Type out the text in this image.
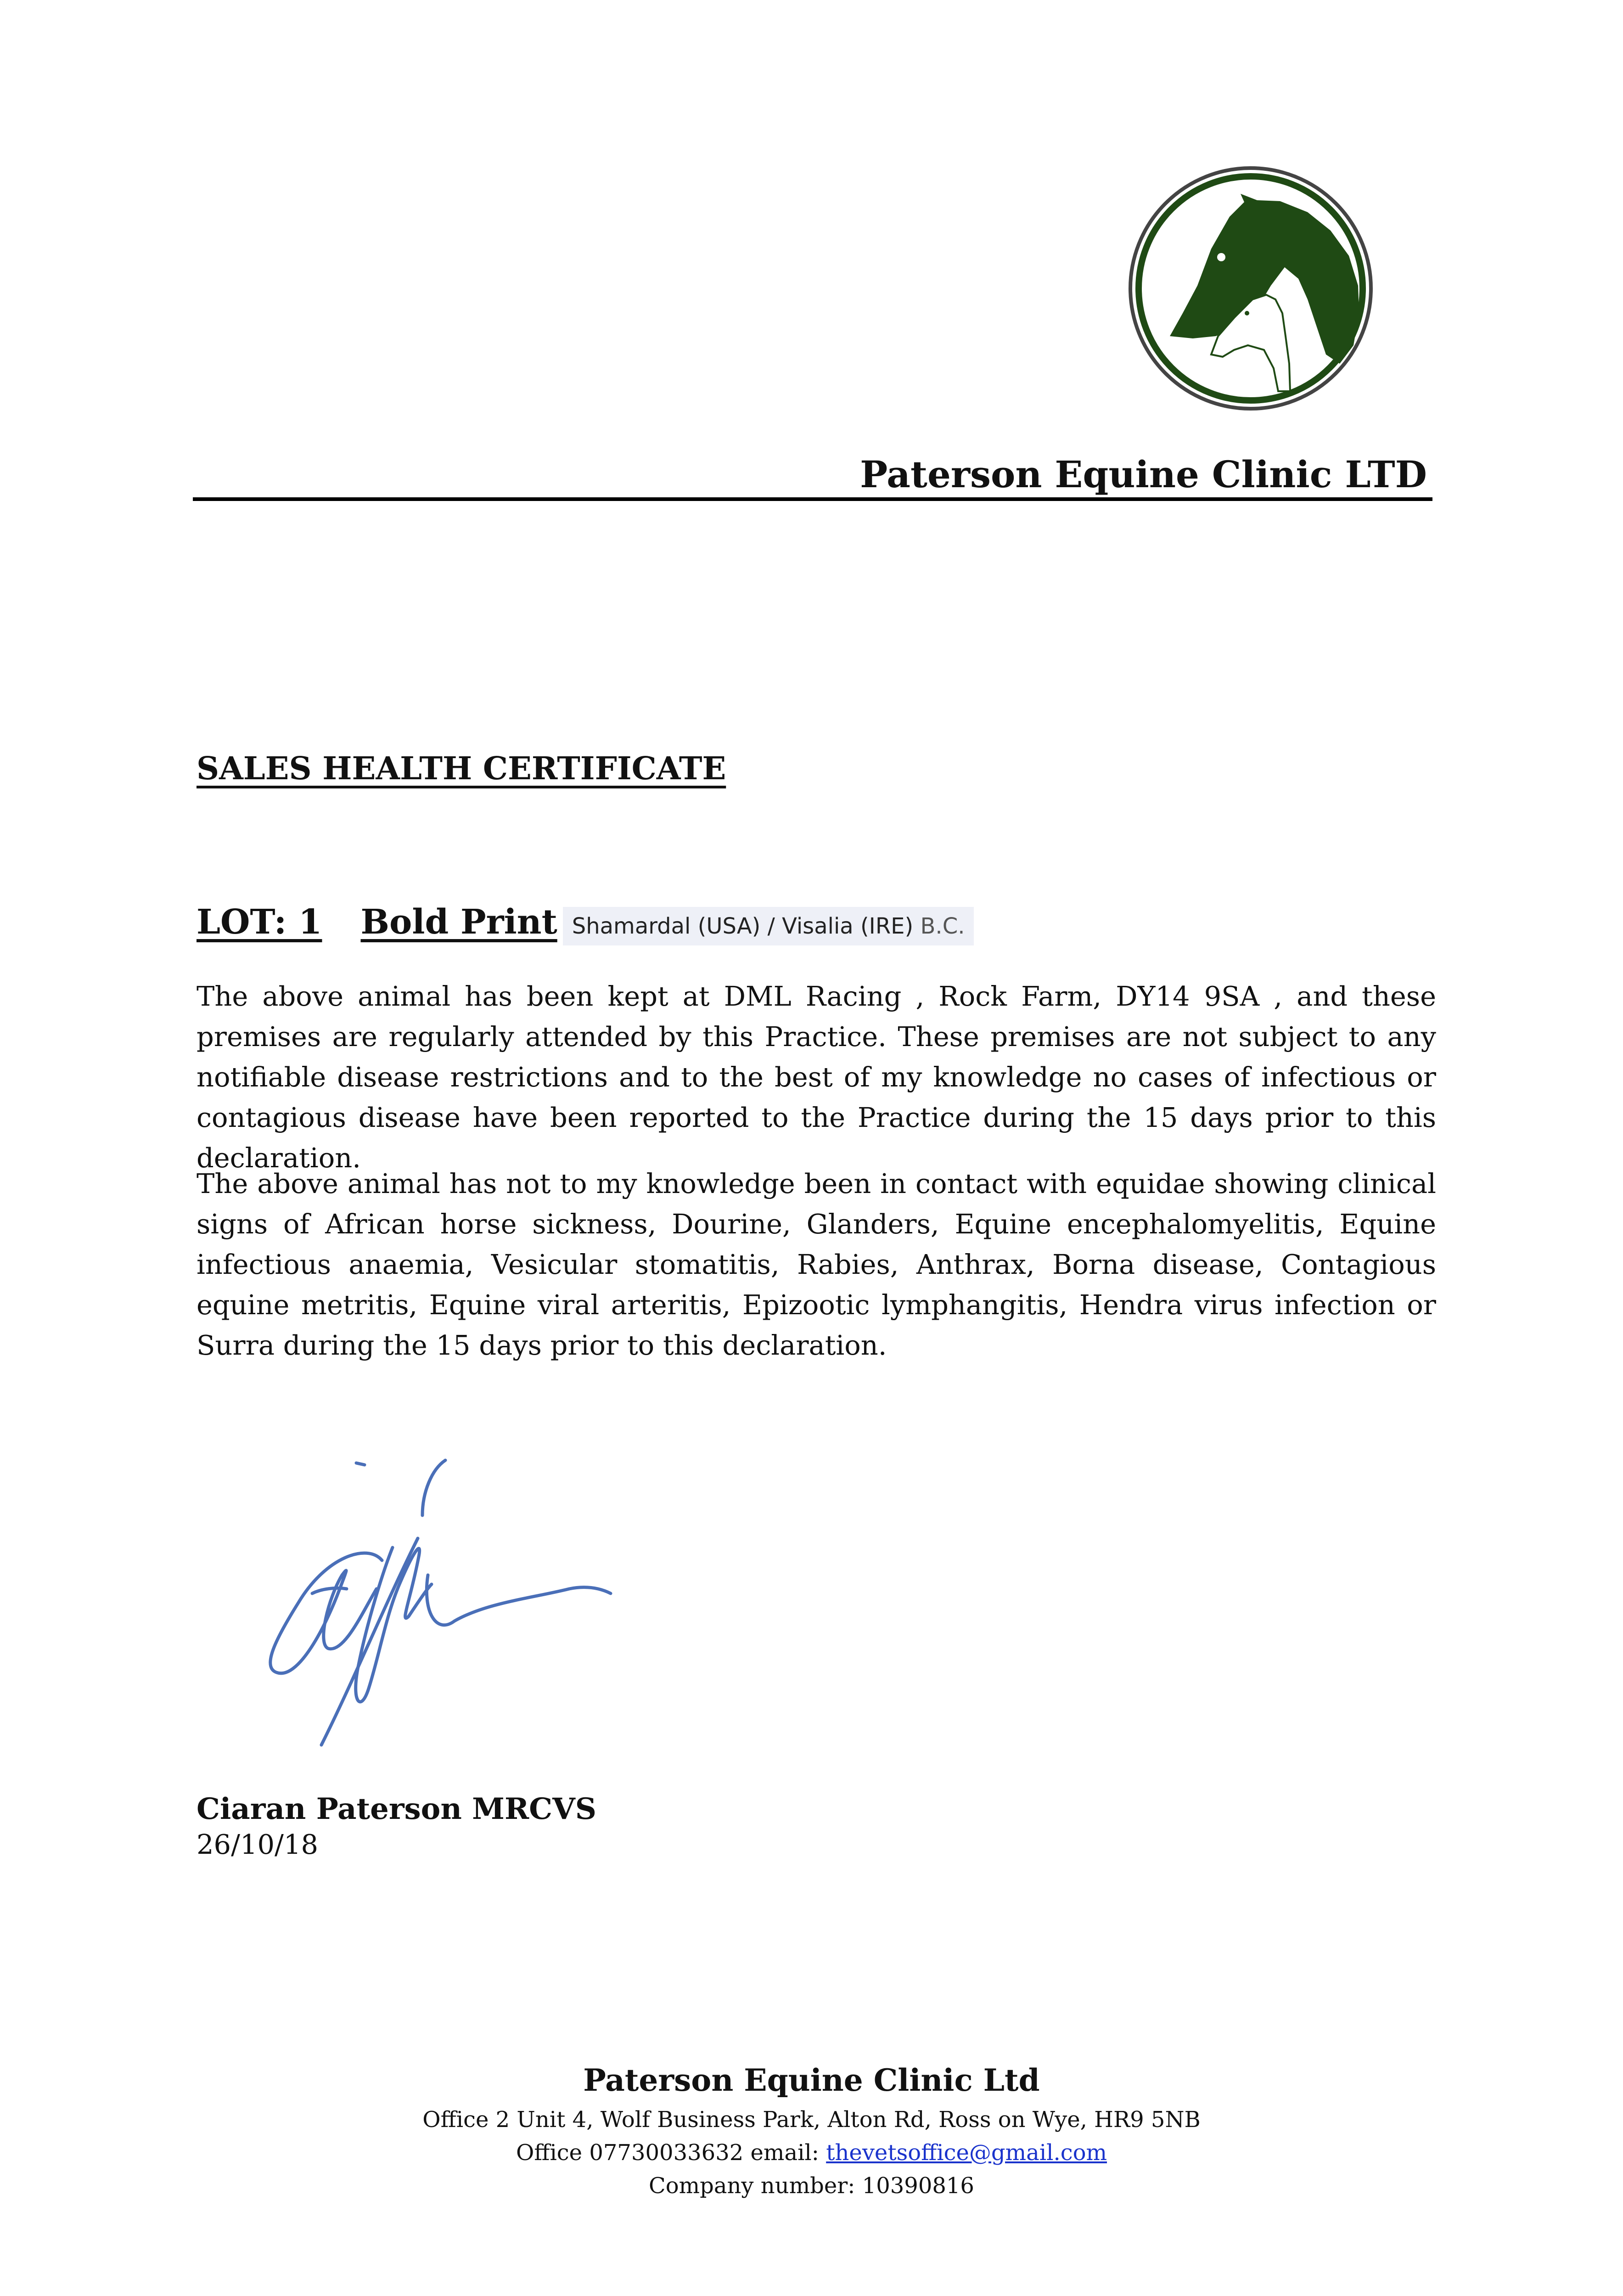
Paterson Equine Clinic LTD
SALES HEALTH CERTIFICATE
LOT: 1 Bold Print Shamardal (USA) / Visalia (IRE) B.C.
The above animal has been kept at DML Racing , Rock Farm, DY14 9SA , and these premises are regularly attended by this Practice. These premises are not subject to any notifiable disease restrictions and to the best of my knowledge no cases of infectious or contagious disease have been reported to the Practice during the 15 days prior to this declaration.
The above animal has not to my knowledge been in contact with equidae showing clinical signs of African horse sickness, Dourine, Glanders, Equine encephalomyelitis, Equine infectious anaemia, Vesicular stomatitis, Rabies, Anthrax, Borna disease, Contagious equine metritis, Equine viral arteritis, Epizootic lymphangitis, Hendra virus infection or Surra during the 15 days prior to this declaration.
Ciaran Paterson MRCVS
26/10/18
Paterson Equine Clinic Ltd
Office 2 Unit 4, Wolf Business Park, Alton Rd, Ross on Wye, HR9 5NB
Office 07730033632 email: thevetsoffice@gmail.com
Company number: 10390816
